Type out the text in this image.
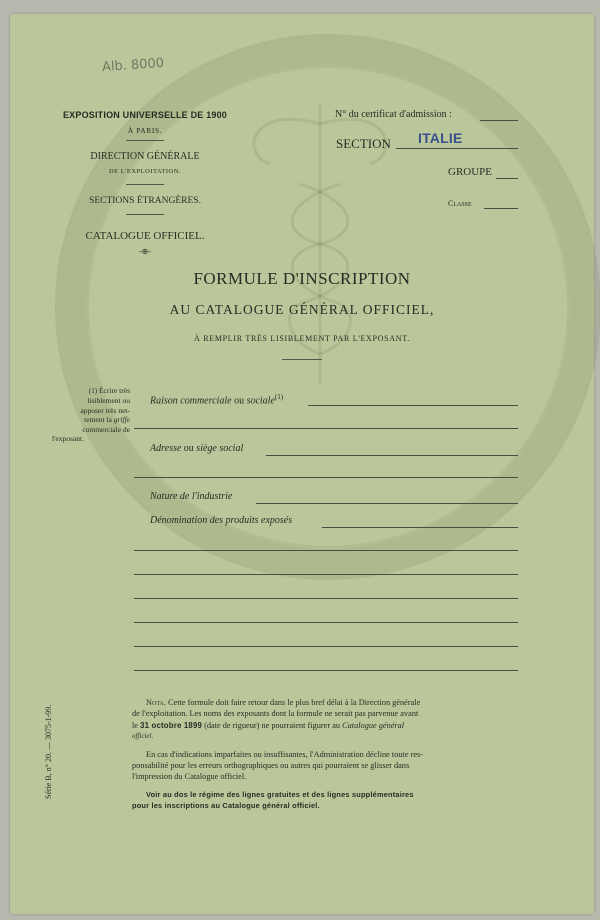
Alb. 8000
EXPOSITION UNIVERSELLE DE 1900
À PARIS.
DIRECTION GÉNÉRALE
DE L'EXPLOITATION.
SECTIONS ÉTRANGÈRES.
CATALOGUE OFFICIEL.
-⊕-
N° du certificat d'admission :
SECTION ITALIE
GROUPE
Classe
FORMULE D'INSCRIPTION
AU CATALOGUE GÉNÉRAL OFFICIEL,
À REMPLIR TRÈS LISIBLEMENT PAR L'EXPOSANT.
(1) Écrire très
lisiblement ou
apposer très net-
tement la griffe
commerciale de
l'exposant.
Raison commerciale ou sociale$^{(1)}$
Adresse ou siège social
Nature de l'industrie
Dénomination des produits exposés
Série B, n° 20. — 3075-1-99.
Nota. Cette formule doit faire retour dans le plus bref délai à la Direction générale
de l'exploitation. Les noms des exposants dont la formule ne serait pas parvenue avant
le 31 octobre 1899 (date de rigueur) ne pourraient figurer au Catalogue général
officiel.
En cas d'indications imparfaites ou insuffisantes, l'Administration décline toute res-
ponsabilité pour les erreurs orthographiques ou autres qui pourraient se glisser dans
l'impression du Catalogue officiel.
Voir au dos le régime des lignes gratuites et des lignes supplémentaires
pour les inscriptions au Catalogue général officiel.
